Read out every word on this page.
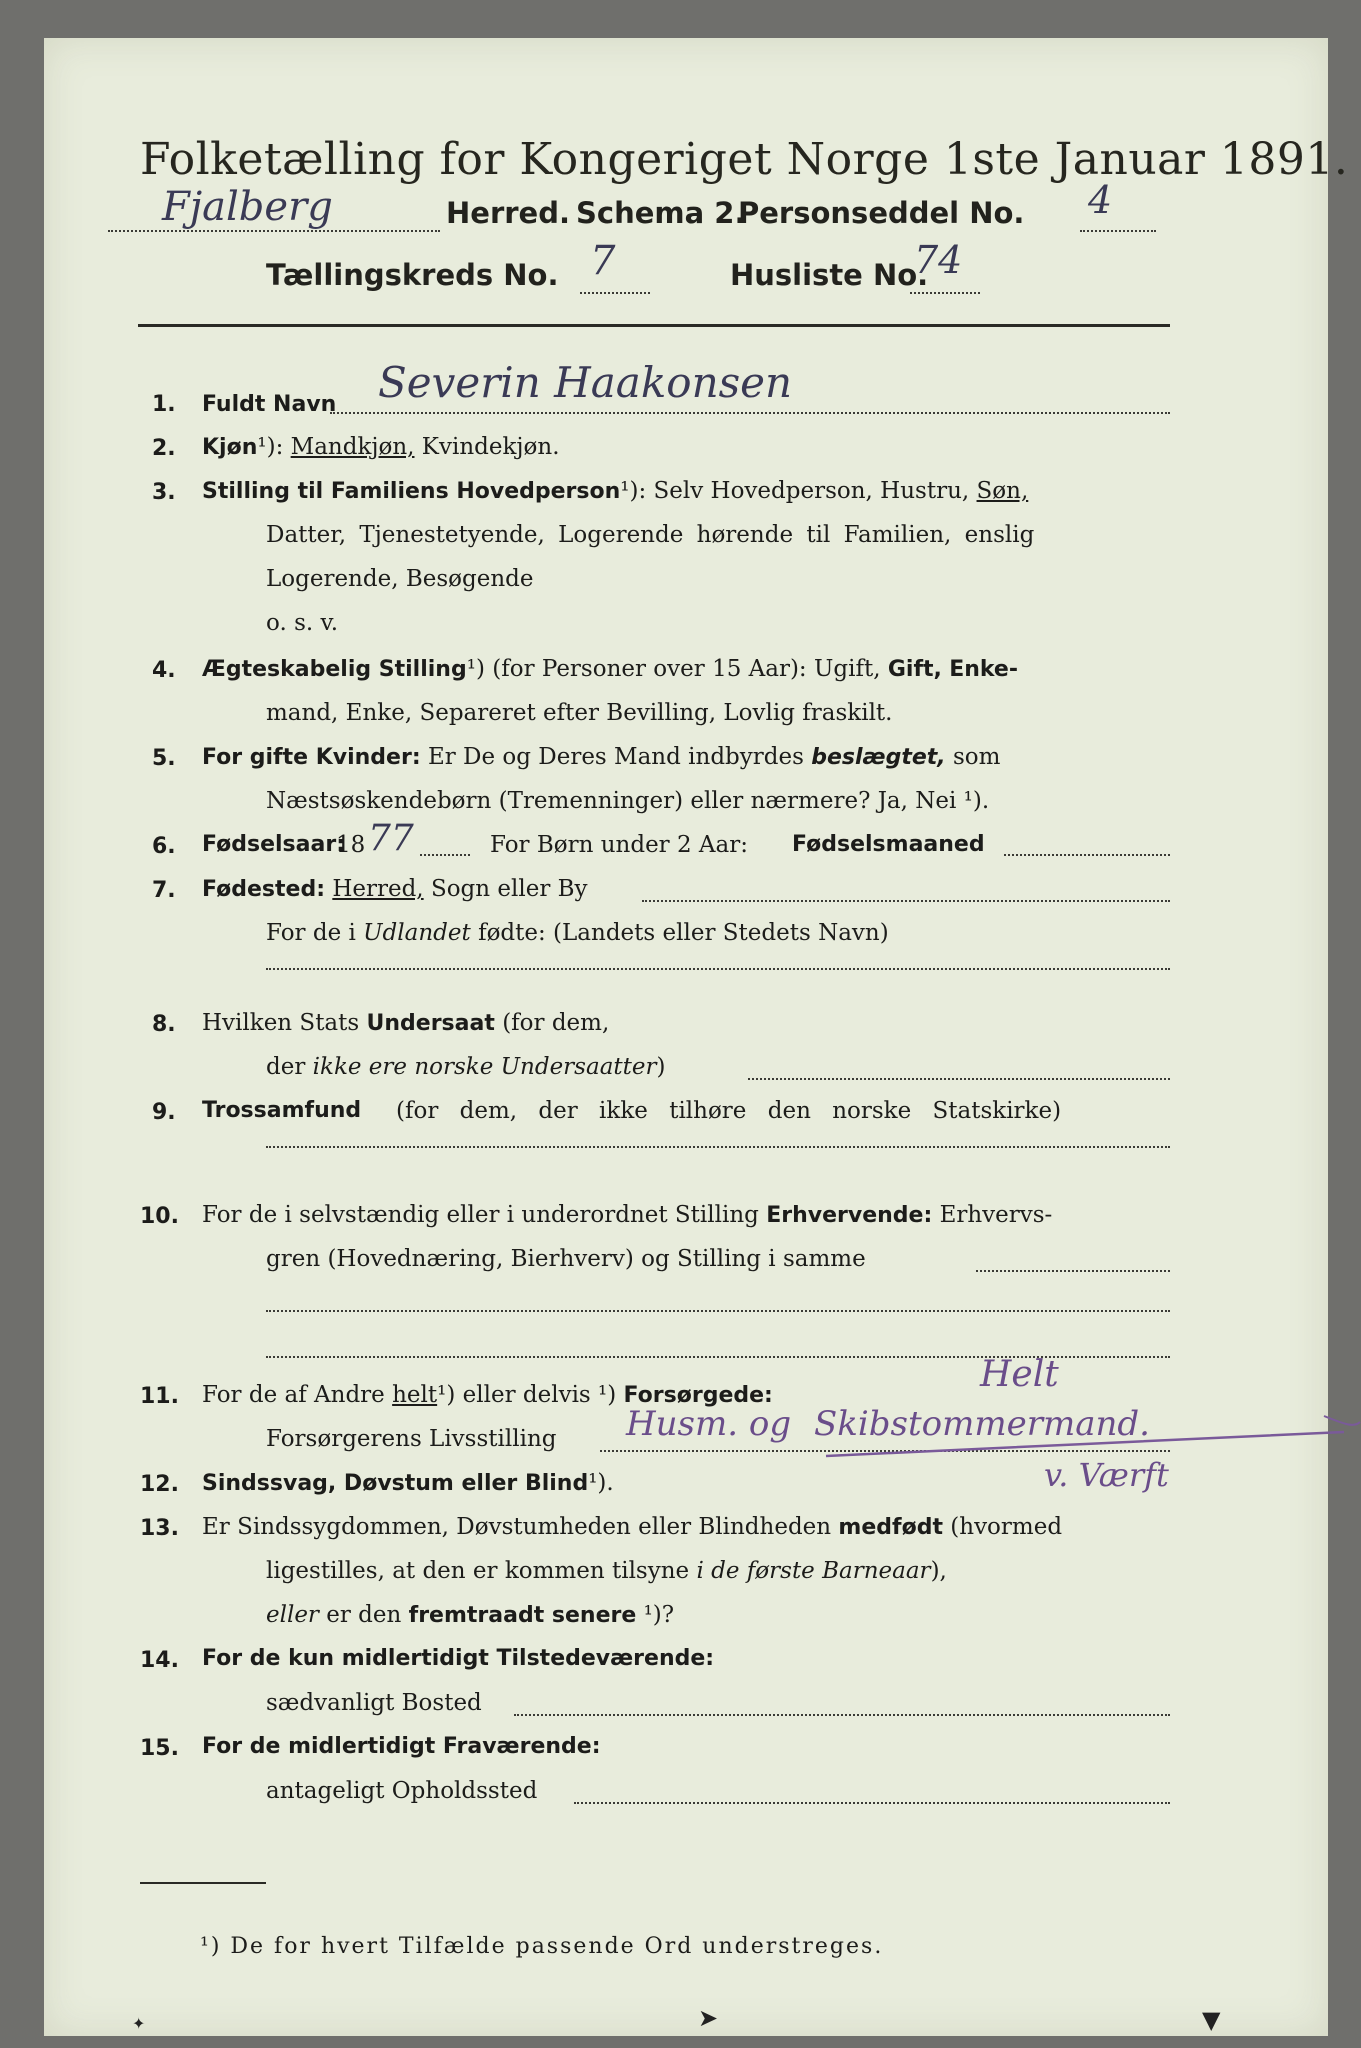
Folketælling for Kongeriget Norge 1ste Januar 1891.
Fjalberg	Herred. Schema 2.
Personseddel No. 4
Tællingskreds No. 7	Husliste No.
74
1. Fuldt Navn Severin Haakonsen
2. Kjøn¹): Mandkjøn, Kvindekjøn.
3. Stilling til Familiens Hovedperson¹): Selv Hovedperson, Hustru, Søn,
Datter, Tjenestetyende, Logerende hørende til Familien, enslig
Logerende, Besøgende
o. s. v.
4. Ægteskabelig Stilling¹) (for Personer over 15 Aar): Ugift, Gift, Enke-
mand, Enke, Separeret efter Bevilling, Lovlig fraskilt.
5. For gifte Kvinder: Er De og Deres Mand indbyrdes beslægtet, som
Næstsøskendebørn (Tremenninger) eller nærmere? Ja, Nei ¹).
6. Fødselsaar:
18 77	For Børn under 2 Aar: Fødselsmaaned
7. Fødested: Herred, Sogn eller By
For de i Udlandet fødte: (Landets eller Stedets Navn)
8. Hvilken Stats Undersaat (for dem,
der ikke ere norske Undersaatter)
9. Trossamfund (for dem, der ikke tilhøre den norske Statskirke)
10. For de i selvstændig eller i underordnet Stilling Erhvervende: Erhvervs-
gren (Hovednæring, Bierhverv) og Stilling i samme
11. For de af Andre helt¹) eller delvis ¹) Forsørgede:
Helt
Forsørgerens Livsstilling Husm. og Skibstommermand.
v. Værft
12. Sindssvag, Døvstum eller Blind¹).
13. Er Sindssygdommen, Døvstumheden eller Blindheden medfødt (hvormed
ligestilles, at den er kommen tilsyne i de første Barneaar),
eller er den fremtraadt senere ¹)?
14. For de kun midlertidigt Tilstedeværende:
sædvanligt Bosted
15. For de midlertidigt Fraværende:
antageligt Opholdssted
¹) De for hvert Tilfælde passende Ord understreges.
✦	➤	▼
